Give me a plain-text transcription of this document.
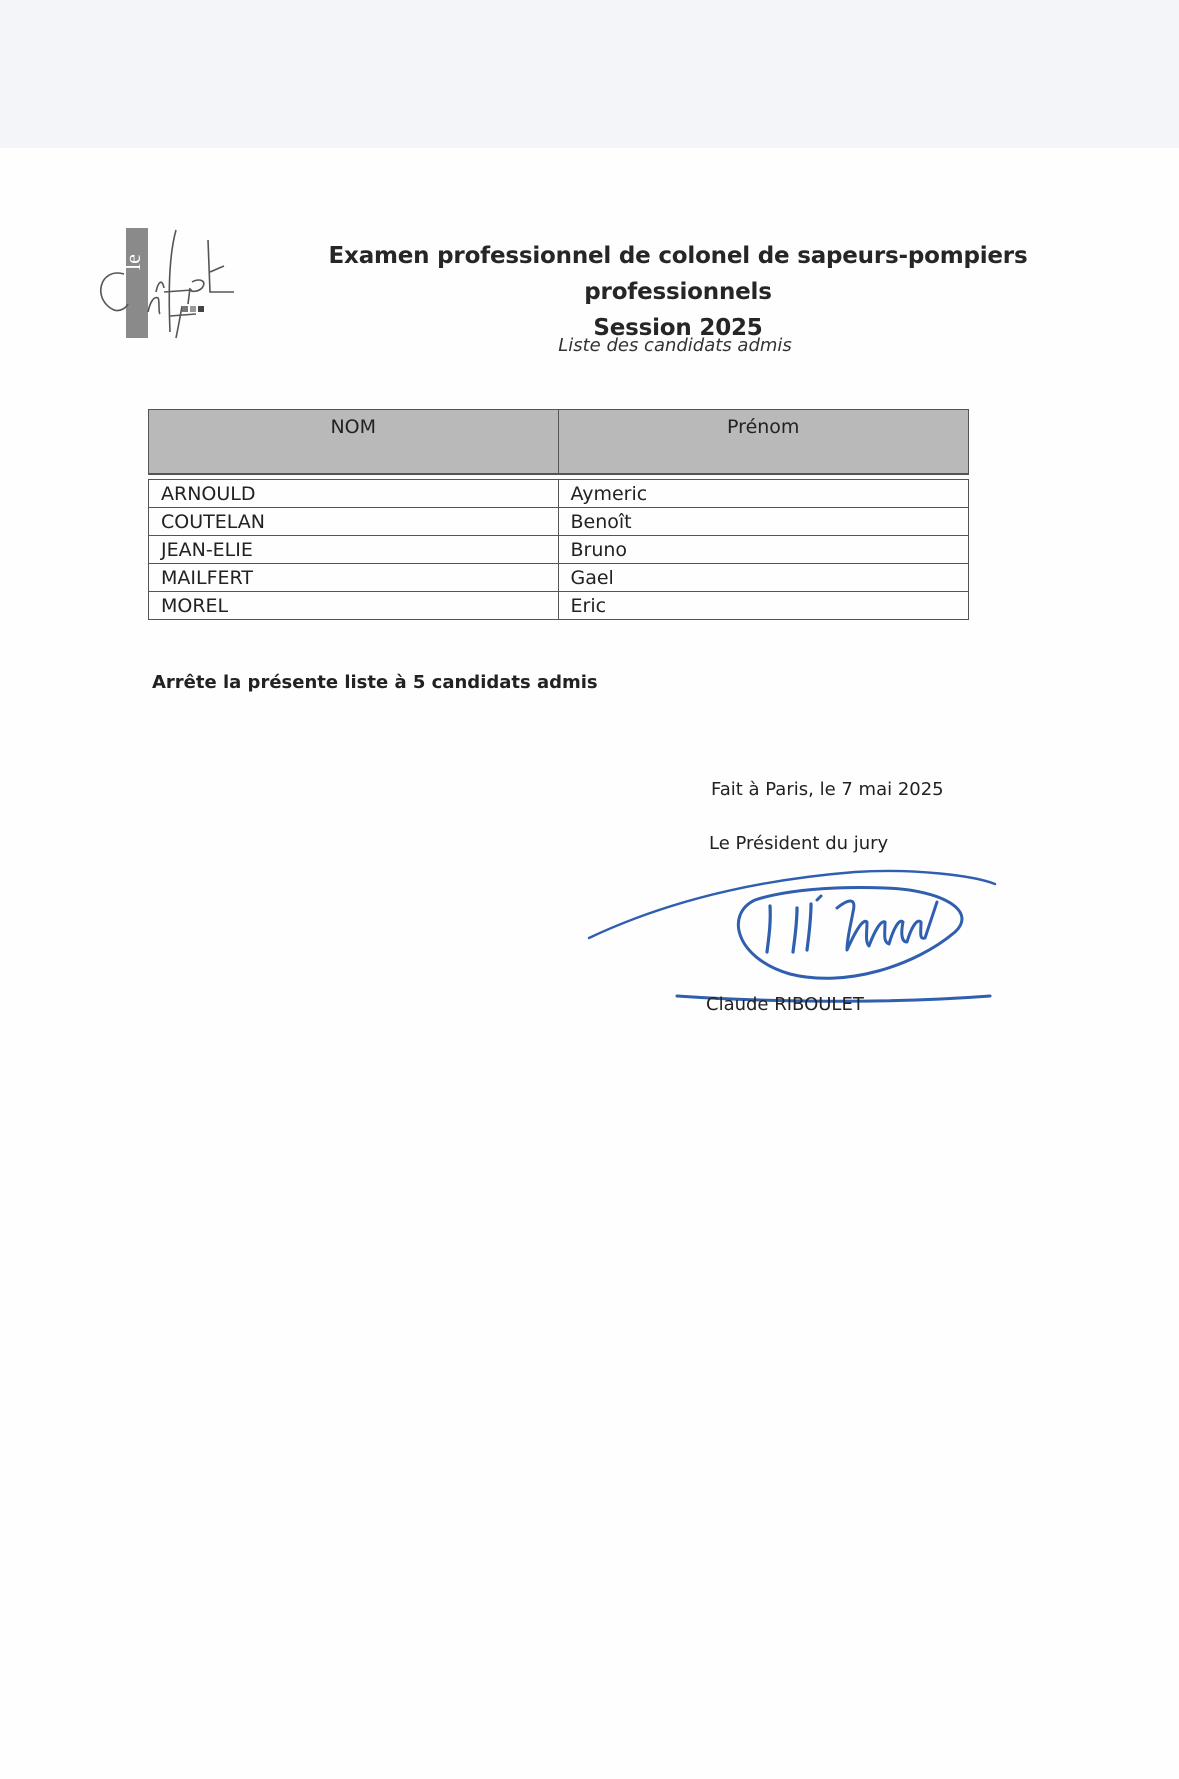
le	Examen professionnel de colonel de sapeurs-pompiers professionnels
Session 2025
Liste des candidats admis
NOM	Prénom

ARNOULD	Aymeric
COUTELAN	Benoît
JEAN-ELIE	Bruno
MAILFERT	Gael
MOREL	Eric
Arrête la présente liste à 5 candidats admis
Fait à Paris, le 7 mai 2025
Le Président du jury
Claude RIBOULET
